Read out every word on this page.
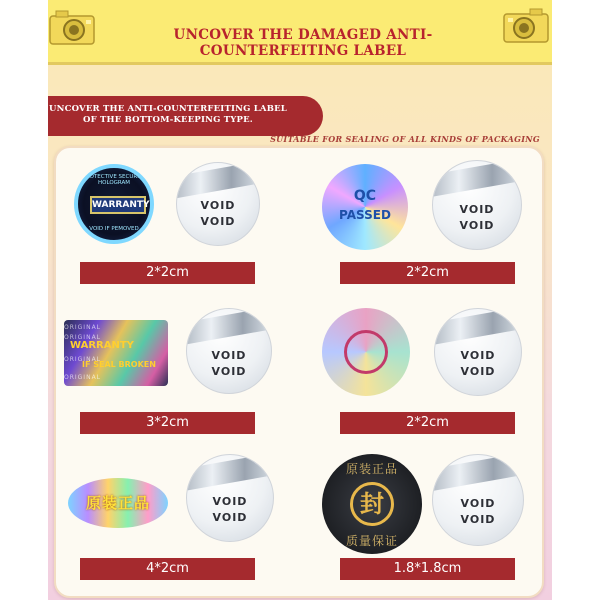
UNCOVER THE DAMAGED ANTI-COUNTERFEITING LABEL
UNCOVER THE ANTI-COUNTERFEITING LABEL
OF THE BOTTOM-KEEPING TYPE.
SUITABLE FOR SEALING OF ALL KINDS OF PACKAGING
PROTECTIVE SECURITY HOLOGRAM
WARRANTY
VOID IF PEMOVED
VOID
VOID
2*2cm
QC
PASSED	VOID
VOID
2*2cm
ORIGINAL
ORIGINAL
WARRANTY
ORIGINAL
IF SEAL BROKEN
ORIGINAL
VOID
VOID
3*2cm
VOID
VOID
2*2cm
原装正品	VOID
VOID
4*2cm
原装正品
封
质量保证
VOID
VOID
1.8*1.8cm
